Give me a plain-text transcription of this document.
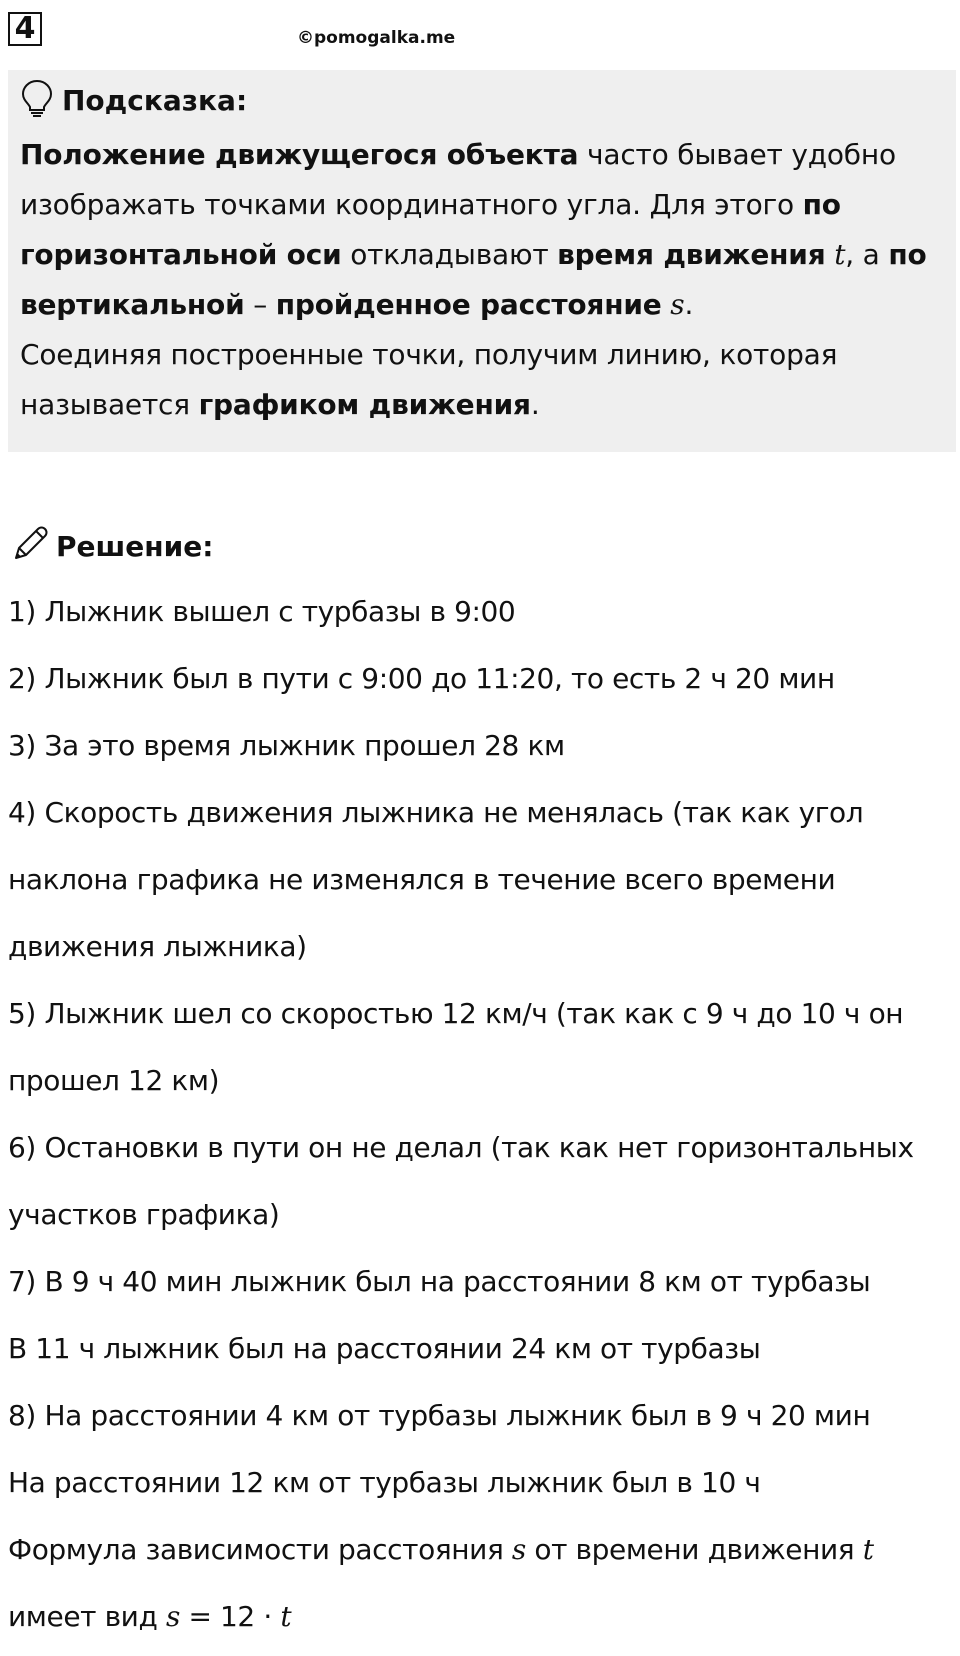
4	©pomogalka.me
Подсказка:
Положение движущегося объекта часто бывает удобно изображать точками координатного угла. Для этого по горизонтальной оси откладывают время движения t, а по вертикальной – пройденное расстояние s.
Соединяя построенные точки, получим линию, которая называется графиком движения.
Решение:
1) Лыжник вышел с турбазы в 9:00
2) Лыжник был в пути с 9:00 до 11:20, то есть 2 ч 20 мин
3) За это время лыжник прошел 28 км
4) Скорость движения лыжника не менялась (так как угол
наклона графика не изменялся в течение всего времени
движения лыжника)
5) Лыжник шел со скоростью 12 км/ч (так как с 9 ч до 10 ч он
прошел 12 км)
6) Остановки в пути он не делал (так как нет горизонтальных
участков графика)
7) В 9 ч 40 мин лыжник был на расстоянии 8 км от турбазы
В 11 ч лыжник был на расстоянии 24 км от турбазы
8) На расстоянии 4 км от турбазы лыжник был в 9 ч 20 мин
На расстоянии 12 км от турбазы лыжник был в 10 ч
Формула зависимости расстояния s от времени движения t
имеет вид s = 12 · t
